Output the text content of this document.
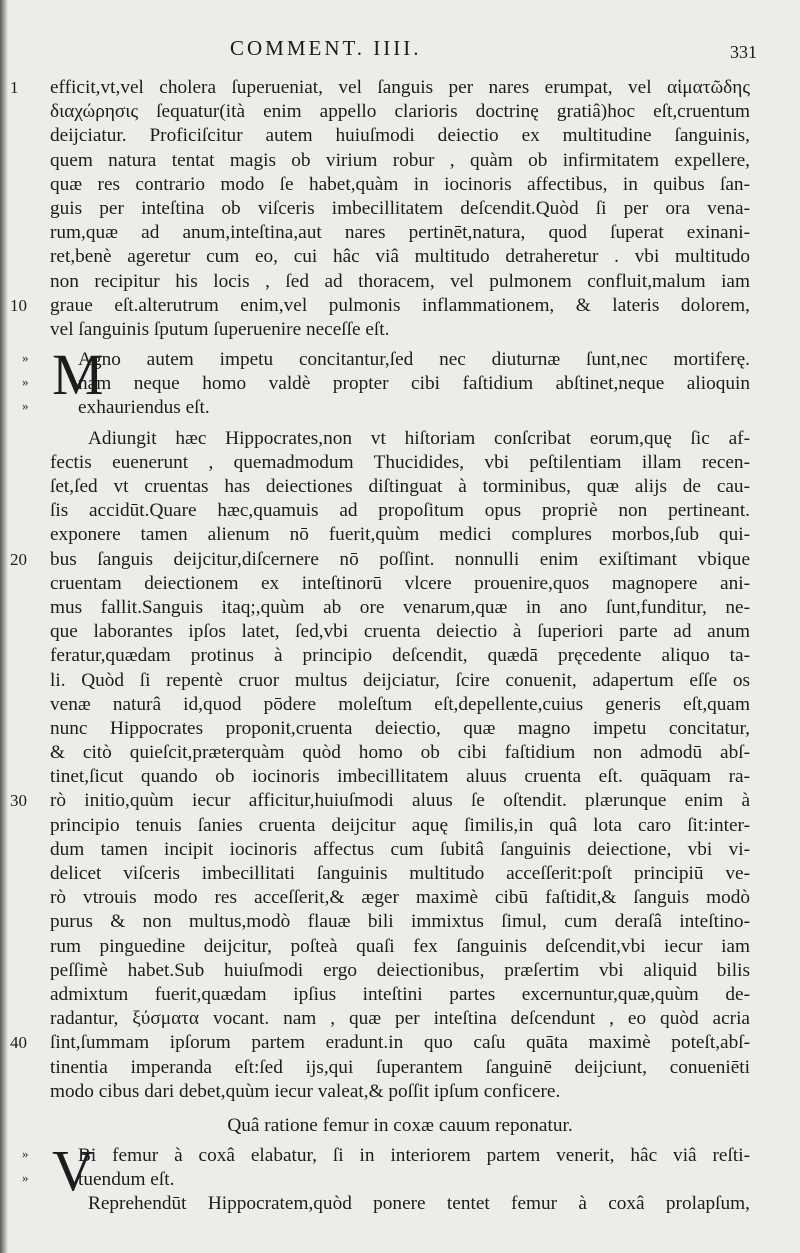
COMMENT. IIII.	331
1	efficit,vt,vel cholera ſuperueniat, vel ſanguis per nares erumpat, vel αἱματῶδης
διαχώρησις ſequatur(ità enim appello clarioris doctrinę gratiâ)hoc eſt,cruentum
deijciatur. Proficiſcitur autem huiuſmodi deiectio ex multitudine ſanguinis,
quem natura tentat magis ob virium robur , quàm ob infirmitatem expellere,
quæ res contrario modo ſe habet,quàm in iocinoris affectibus, in quibus ſan-
guis per inteſtina ob viſceris imbecillitatem deſcendit.Quòd ſi per ora vena-
rum,quæ ad anum,inteſtina,aut nares pertinēt,natura, quod ſuperat exinani-
ret,benè ageretur cum eo, cui hâc viâ multitudo detraheretur . vbi multitudo
non recipitur his locis , ſed ad thoracem, vel pulmonem confluit,malum iam
10	graue eſt.alterutrum enim,vel pulmonis inflammationem, & lateris dolorem,
vel ſanguinis ſputum ſuperuenire neceſſe eſt.
M
»	Agno autem impetu concitantur,ſed nec diuturnæ ſunt,nec mortiferę.
»	nam neque homo valdè propter cibi faſtidium abſtinet,neque alioquin
»	exhauriendus eſt.
Adiungit hæc Hippocrates,non vt hiſtoriam conſcribat eorum,quę ſic af-
fectis euenerunt , quemadmodum Thucidides, vbi peſtilentiam illam recen-
ſet,ſed vt cruentas has deiectiones diſtinguat à torminibus, quæ alijs de cau-
ſis accidūt.Quare hæc,quamuis ad propoſitum opus propriè non pertineant.
exponere tamen alienum nō fuerit,quùm medici complures morbos,ſub qui-
20	bus ſanguis deijcitur,diſcernere nō poſſint. nonnulli enim exiſtimant vbique
cruentam deiectionem ex inteſtinorū vlcere prouenire,quos magnopere ani-
mus fallit.Sanguis itaq;,quùm ab ore venarum,quæ in ano ſunt,funditur, ne-
que laborantes ipſos latet, ſed,vbi cruenta deiectio à ſuperiori parte ad anum
feratur,quædam protinus à principio deſcendit, quædā pręcedente aliquo ta-
li. Quòd ſi repentè cruor multus deijciatur, ſcire conuenit, adapertum eſſe os
venæ naturâ id,quod pōdere moleſtum eſt,depellente,cuius generis eſt,quam
nunc Hippocrates proponit,cruenta deiectio, quæ magno impetu concitatur,
& citò quieſcit,præterquàm quòd homo ob cibi faſtidium non admodū abſ-
tinet,ſicut quando ob iocinoris imbecillitatem aluus cruenta eſt. quāquam ra-
30	rò initio,quùm iecur afficitur,huiuſmodi aluus ſe oſtendit. plærunque enim à
principio tenuis ſanies cruenta deijcitur aquę ſimilis,in quâ lota caro ſit:inter-
dum tamen incipit iocinoris affectus cum ſubitâ ſanguinis deiectione, vbi vi-
delicet viſceris imbecillitati ſanguinis multitudo acceſſerit:poſt principiū ve-
rò vtrouis modo res acceſſerit,& æger maximè cibū faſtidit,& ſanguis modò
purus & non multus,modò flauæ bili immixtus ſimul, cum deraſâ inteſtino-
rum pinguedine deijcitur, poſteà quaſi fex ſanguinis deſcendit,vbi iecur iam
peſſimè habet.Sub huiuſmodi ergo deiectionibus, præſertim vbi aliquid bilis
admixtum fuerit,quædam ipſius inteſtini partes excernuntur,quæ,quùm de-
radantur, ξύσματα vocant. nam , quæ per inteſtina deſcendunt , eo quòd acria
40	ſint,ſummam ipſorum partem eradunt.in quo caſu quāta maximè poteſt,abſ-
tinentia imperanda eſt:ſed ijs,qui ſuperantem ſanguinē deijciunt, conueniēti
modo cibus dari debet,quùm iecur valeat,& poſſit ipſum conficere.
Quâ ratione femur in coxæ cauum reponatur.
V
»	Bi femur à coxâ elabatur, ſi in interiorem partem venerit, hâc viâ reſti-
»	tuendum eſt.
Reprehendūt Hippocratem,quòd ponere tentet femur à coxâ prolapſum,
